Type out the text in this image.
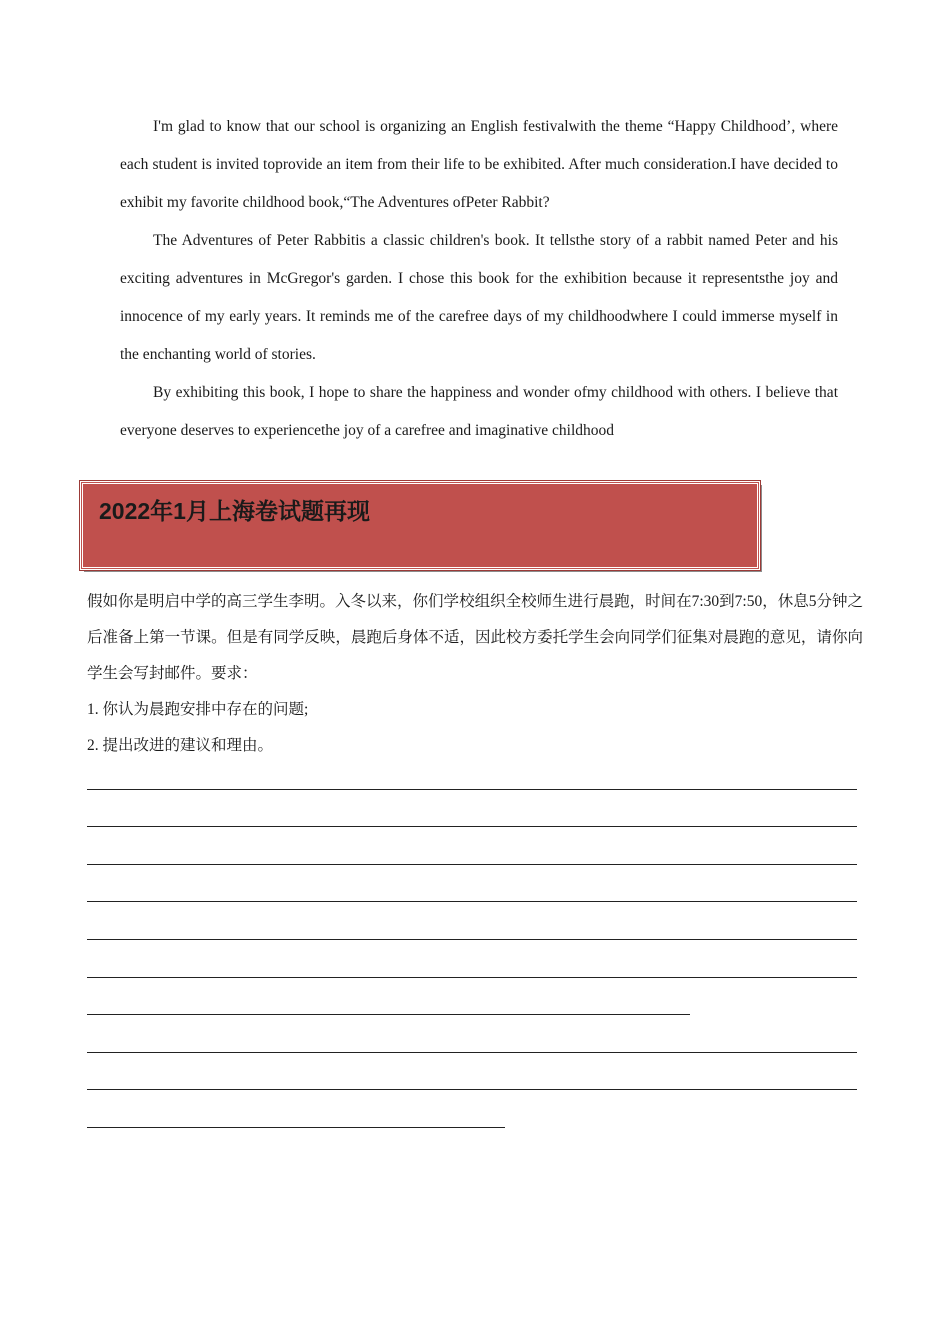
I'm glad to know that our school is organizing an English festivalwith the theme “Happy Childhood’, where each student is invited toprovide an item from their life to be exhibited. After much consideration.I have decided to exhibit my favorite childhood book,“The Adventures ofPeter Rabbit?

The Adventures of Peter Rabbitis a classic children's book. It tellsthe story of a rabbit named Peter and his exciting adventures in McGregor's garden. I chose this book for the exhibition because it representsthe joy and innocence of my early years. It reminds me of the carefree days of my childhoodwhere I could immerse myself in the enchanting world of stories.

By exhibiting this book, I hope to share the happiness and wonder ofmy childhood with others. I believe that everyone deserves to experiencethe joy of a carefree and imaginative childhood

2022年1月上海卷试题再现

假如你是明启中学的高三学生李明。入冬以来，你们学校组织全校师生进行晨跑，时间在7:30到7:50，休息5分钟之后准备上第一节课。但是有同学反映，晨跑后身体不适，因此校方委托学生会向同学们征集对晨跑的意见，请你向学生会写封邮件。要求：

1. 你认为晨跑安排中存在的问题;

2. 提出改进的建议和理由。
